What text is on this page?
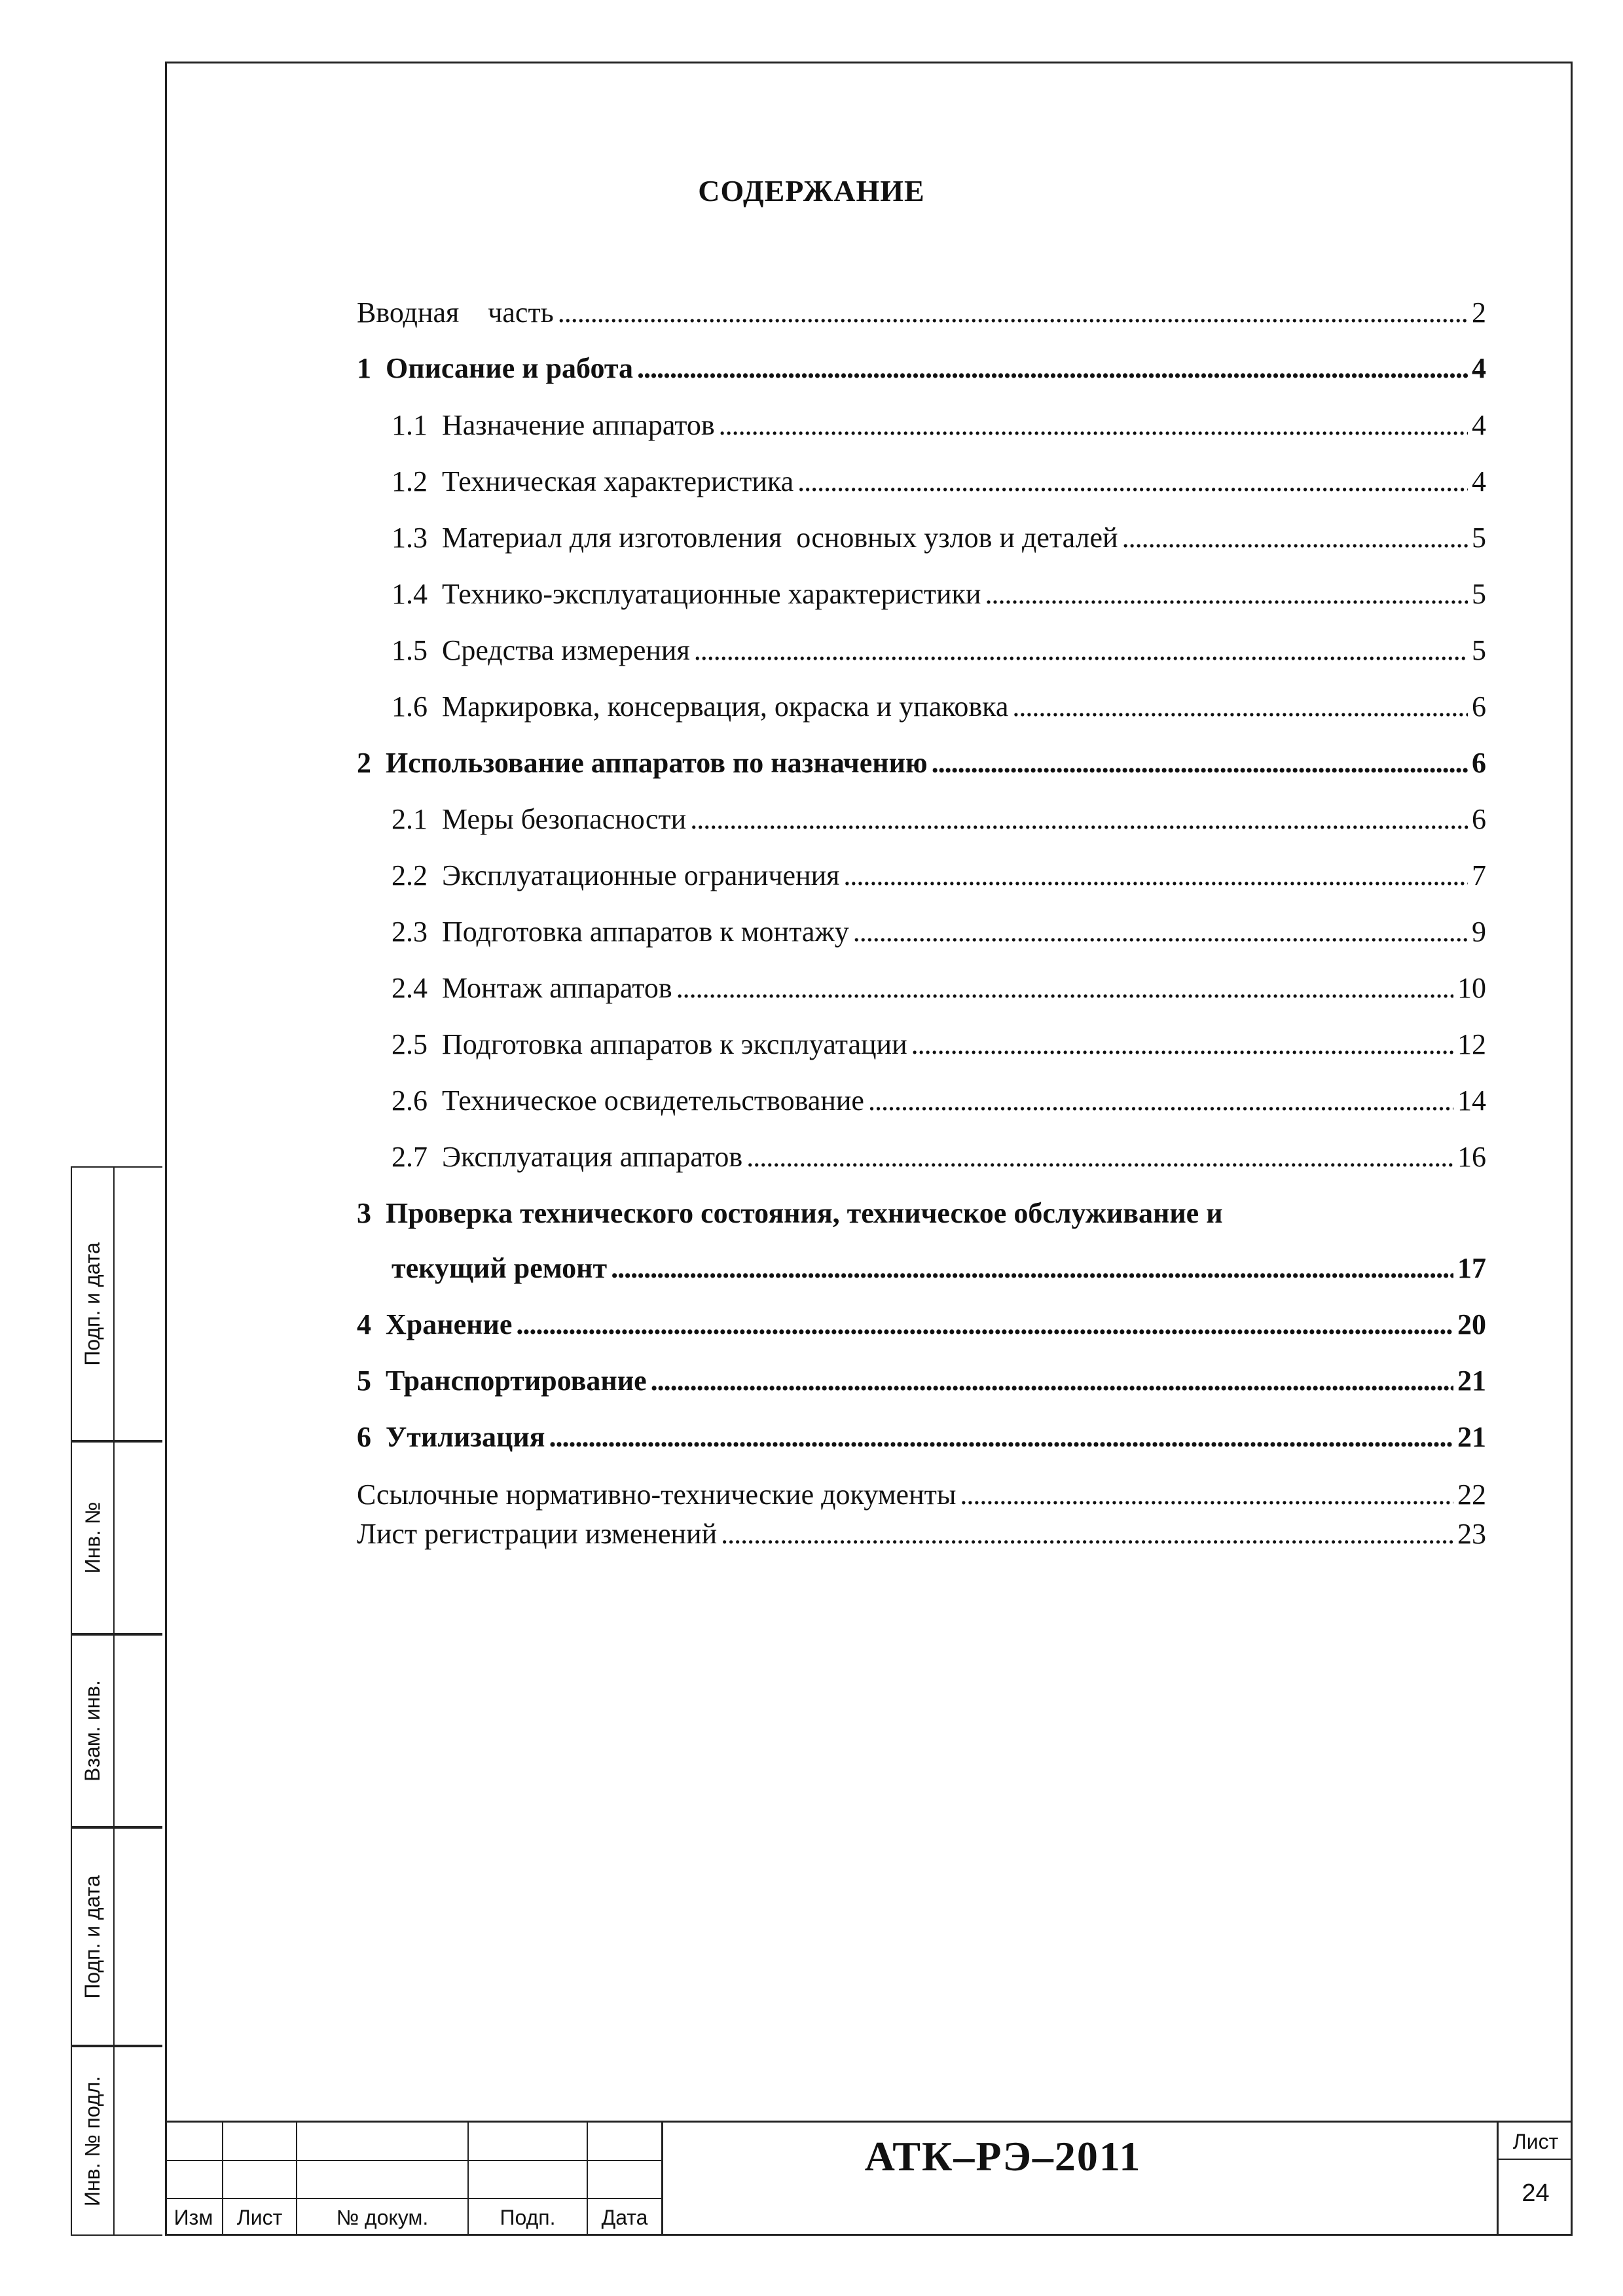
СОДЕРЖАНИЕ
Вводная    часть . . .	2
1 Описание и работа . . .	4
1.1 Назначение аппаратов . . .	4
1.2 Техническая характеристика . . .	4
1.3 Материал для изготовления  основных узлов и деталей . . .	5
1.4 Технико-эксплуатационные характеристики . . .	5
1.5 Средства измерения . . .	5
1.6 Маркировка, консервация, окраска и упаковка . . .	6
2 Использование аппаратов по назначению . . .	6
2.1 Меры безопасности . . .	6
2.2 Эксплуатационные ограничения . . .	7
2.3 Подготовка аппаратов к монтажу . . .	9
2.4 Монтаж аппаратов . . .	10
2.5 Подготовка аппаратов к эксплуатации . . .	12
2.6 Техническое освидетельствование . . .	14
2.7 Эксплуатация аппаратов . . .	16
3 Проверка технического состояния, техническое обслуживание и
текущий ремонт . . .	17
4 Хранение . . .	20
5 Транспортирование . . .	21
6 Утилизация . . .	21
Ссылочные нормативно-технические документы . . .	22
Лист регистрации изменений . . .	23
Подп. и дата
Инв. №
Взам. инв.
Подп. и дата
Инв. № подл.
Изм	Лист	№ докум.	Подп.	Дата
АТК–РЭ–2011	Лист
24
